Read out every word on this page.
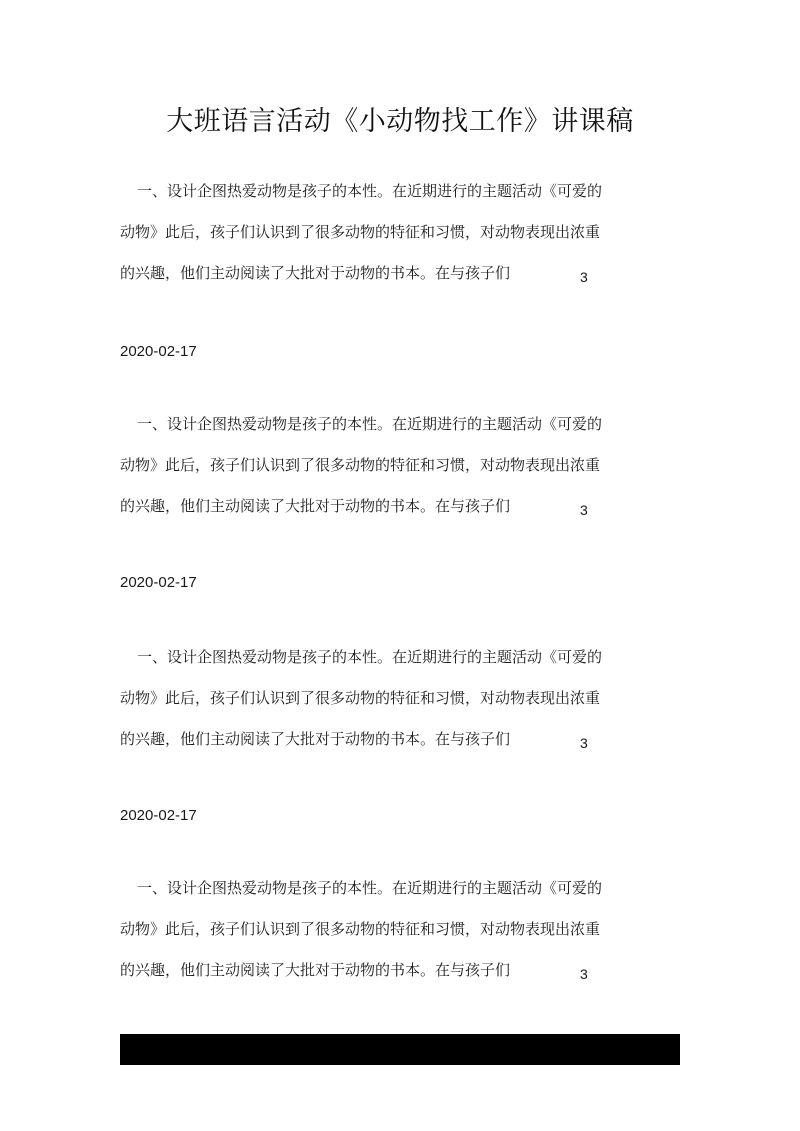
大班语言活动《小动物找工作》讲课稿
一、设计企图热爱动物是孩子的本性。在近期进行的主题活动《可爱的
动物》此后，孩子们认识到了很多动物的特征和习惯，对动物表现出浓重
的兴趣，他们主动阅读了大批对于动物的书本。在与孩子们	3
2020-02-17
一、设计企图热爱动物是孩子的本性。在近期进行的主题活动《可爱的
动物》此后，孩子们认识到了很多动物的特征和习惯，对动物表现出浓重
的兴趣，他们主动阅读了大批对于动物的书本。在与孩子们	3
2020-02-17
一、设计企图热爱动物是孩子的本性。在近期进行的主题活动《可爱的
动物》此后，孩子们认识到了很多动物的特征和习惯，对动物表现出浓重
的兴趣，他们主动阅读了大批对于动物的书本。在与孩子们	3
2020-02-17
一、设计企图热爱动物是孩子的本性。在近期进行的主题活动《可爱的
动物》此后，孩子们认识到了很多动物的特征和习惯，对动物表现出浓重
的兴趣，他们主动阅读了大批对于动物的书本。在与孩子们	3
